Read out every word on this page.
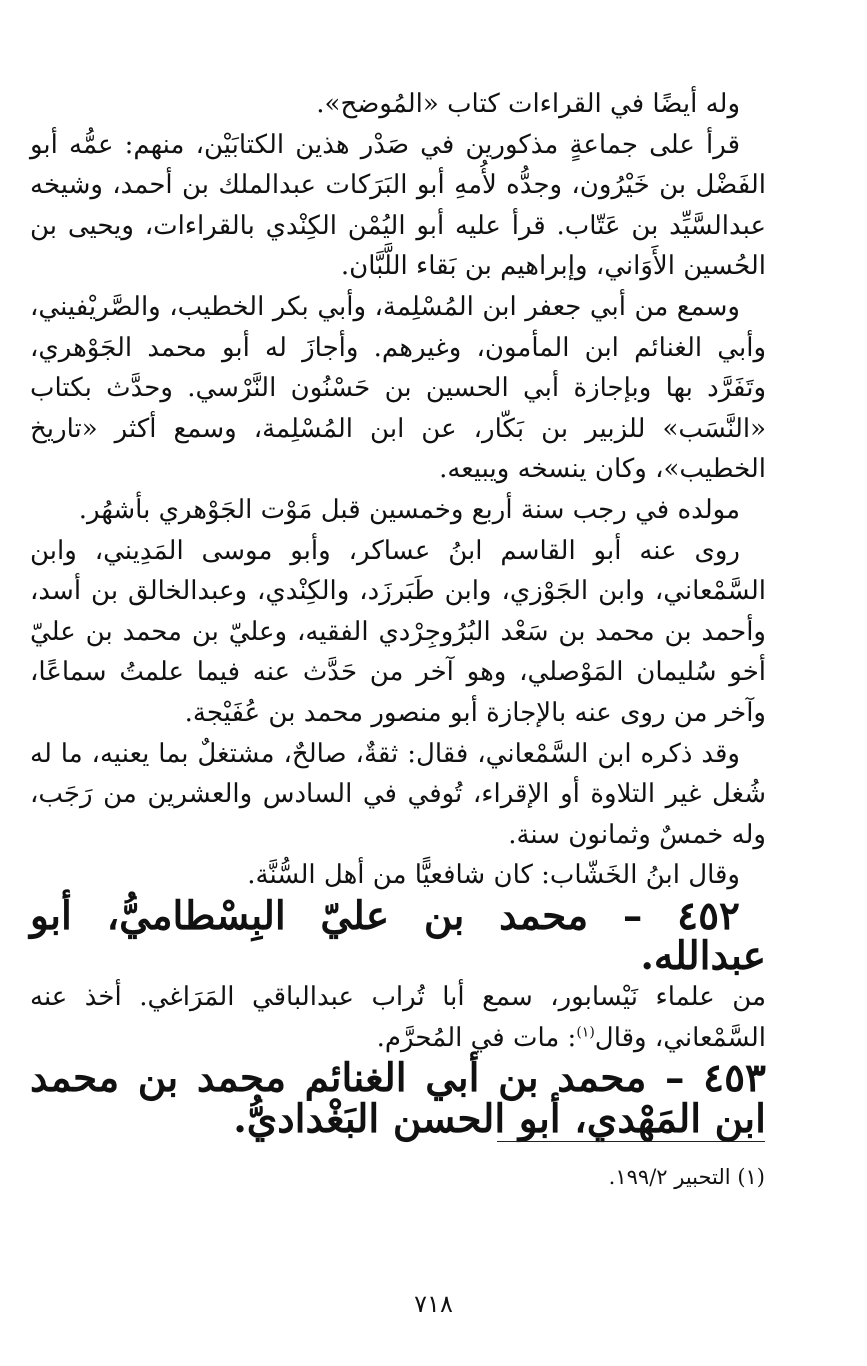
وله أيضًا في القراءات كتاب «المُوضح».

قرأ على جماعةٍ مذكورين في صَدْر هذين الكتابَيْن، منهم: عمُّه أبو الفَضْل بن خَيْرُون، وجدُّه لأُمهِ أبو البَرَكات عبدالملك بن أحمد، وشيخه عبدالسَّيِّد بن عَتّاب. قرأ عليه أبو اليُمْن الكِنْدي بالقراءات، ويحيى بن الحُسين الأَوَاني، وإبراهيم بن بَقاء اللَّبَّان.

وسمع من أبي جعفر ابن المُسْلِمة، وأبي بكر الخطيب، والصَّريْفيني، وأبي الغنائم ابن المأمون، وغيرهم. وأجازَ له أبو محمد الجَوْهري، وتَفَرَّد بها وبإجازة أبي الحسين بن حَسْنُون النَّرْسي. وحدَّث بكتاب «النَّسَب» للزبير بن بَكّار، عن ابن المُسْلِمة، وسمع أكثر «تاريخ الخطيب»، وكان ينسخه ويبيعه.

مولده في رجب سنة أربع وخمسين قبل مَوْت الجَوْهري بأشهُر.

روى عنه أبو القاسم ابنُ عساكر، وأبو موسى المَدِيني، وابن السَّمْعاني، وابن الجَوْزي، وابن طَبَرزَد، والكِنْدي، وعبدالخالق بن أسد، وأحمد بن محمد بن سَعْد البُرُوجِرْدي الفقيه، وعليّ بن محمد بن عليّ أخو سُليمان المَوْصلي، وهو آخر من حَدَّث عنه فيما علمتُ سماعًا، وآخر من روى عنه بالإجازة أبو منصور محمد بن عُفَيْجة.

وقد ذكره ابن السَّمْعاني، فقال: ثقةٌ، صالحٌ، مشتغلٌ بما يعنيه، ما له شُغل غير التلاوة أو الإقراء، تُوفي في السادس والعشرين من رَجَب، وله خمسٌ وثمانون سنة.

وقال ابنُ الخَشّاب: كان شافعيًّا من أهل السُّنَّة.

٤٥٢ – محمد بن عليّ البِسْطاميُّ، أبو عبدالله.

من علماء نَيْسابور، سمع أبا تُراب عبدالباقي المَرَاغي. أخذ عنه السَّمْعاني، وقال$^{(١)}$: مات في المُحرَّم.

٤٥٣ – محمد بن أبي الغنائم محمد بن محمد ابن المَهْدي، أبو الحسن البَغْداديُّ.
(١) التحبير ١٩٩/٢.
٧١٨
